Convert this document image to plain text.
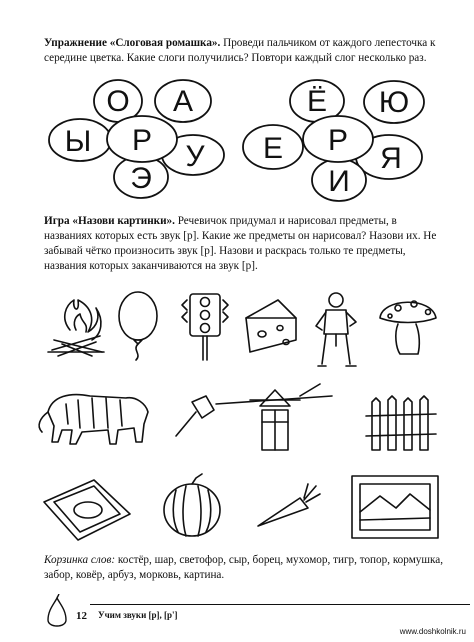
Упражнение «Слоговая ромашка». Проведи пальчиком от каждого лепесточка к середине цветка. Какие слоги получились? Повтори каждый слог несколько раз.

Р
О А
У
Э
Ы	Р
Ё Ю
Я
И
Е

Игра «Назови картинки». Речевичок придумал и нарисовал предметы, в названиях которых есть звук [р]. Какие же предметы он нарисовал? Назови их. Не забывай чётко произносить звук [р]. Назови и раскрась только те предметы, названия которых заканчиваются на звук [р].

Корзинка слов: костёр, шар, светофор, сыр, борец, мухомор, тигр, топор, кормушка, забор, ковёр, арбуз, морковь, картина.

12 Учим звуки [р], [р']
www.doshkolnik.ru
